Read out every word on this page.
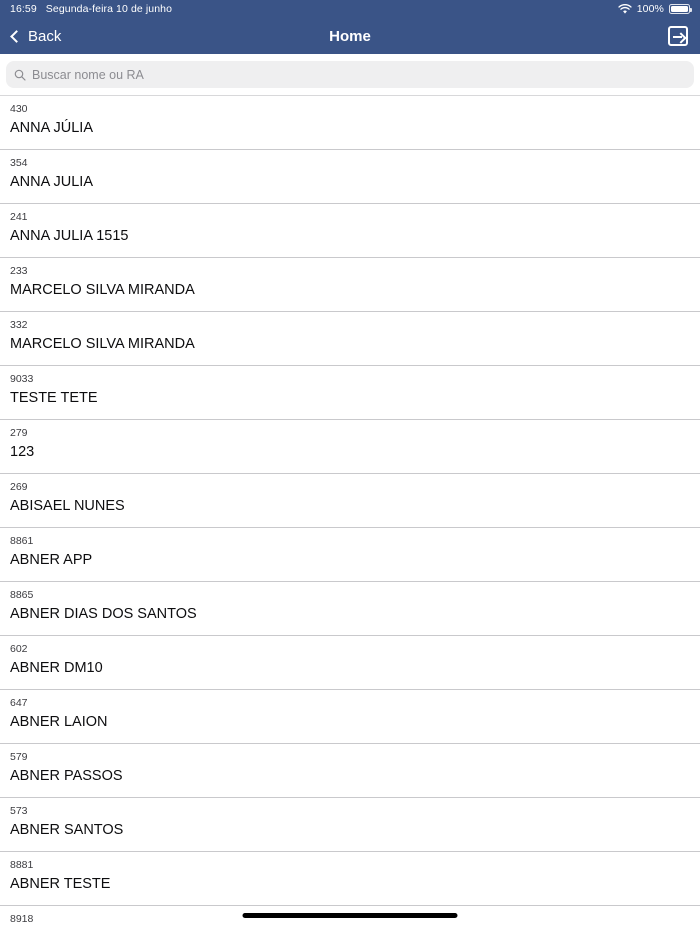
16:59 Segunda-feira 10 de junho	100%
Back	Home
Buscar nome ou RA
430
ANNA JÚLIA
354
ANNA JULIA
241
ANNA JULIA 1515
233
MARCELO SILVA MIRANDA
332
MARCELO SILVA MIRANDA
9033
TESTE TETE
279
123
269
ABISAEL NUNES
8861
ABNER APP
8865
ABNER DIAS DOS SANTOS
602
ABNER DM10
647
ABNER LAION
579
ABNER PASSOS
573
ABNER SANTOS
8881
ABNER TESTE
8918
